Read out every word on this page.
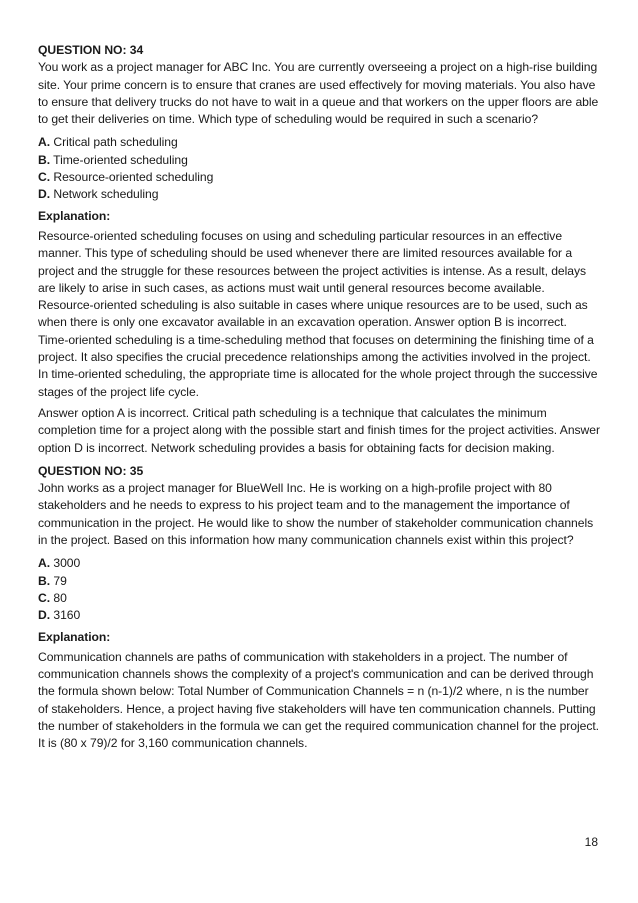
QUESTION NO: 34

You work as a project manager for ABC Inc. You are currently overseeing a project on a high-rise building site. Your prime concern is to ensure that cranes are used effectively for moving materials. You also have to ensure that delivery trucks do not have to wait in a queue and that workers on the upper floors are able to get their deliveries on time. Which type of scheduling would be required in such a scenario?

A. Critical path scheduling

B. Time-oriented scheduling

C. Resource-oriented scheduling

D. Network scheduling

Explanation:

Resource-oriented scheduling focuses on using and scheduling particular resources in an effective manner. This type of scheduling should be used whenever there are limited resources available for a project and the struggle for these resources between the project activities is intense. As a result, delays are likely to arise in such cases, as actions must wait until general resources become available. Resource-oriented scheduling is also suitable in cases where unique resources are to be used, such as when there is only one excavator available in an excavation operation. Answer option B is incorrect. Time-oriented scheduling is a time-scheduling method that focuses on determining the finishing time of a project. It also specifies the crucial precedence relationships among the activities involved in the project. In time-oriented scheduling, the appropriate time is allocated for the whole project through the successive stages of the project life cycle.

Answer option A is incorrect. Critical path scheduling is a technique that calculates the minimum completion time for a project along with the possible start and finish times for the project activities. Answer option D is incorrect. Network scheduling provides a basis for obtaining facts for decision making.

QUESTION NO: 35

John works as a project manager for BlueWell Inc. He is working on a high-profile project with 80 stakeholders and he needs to express to his project team and to the management the importance of communication in the project. He would like to show the number of stakeholder communication channels in the project. Based on this information how many communication channels exist within this project?

A. 3000

B. 79

C. 80

D. 3160

Explanation:

Communication channels are paths of communication with stakeholders in a project. The number of communication channels shows the complexity of a project's communication and can be derived through the formula shown below: Total Number of Communication Channels = n (n-1)/2 where, n is the number of stakeholders. Hence, a project having five stakeholders will have ten communication channels. Putting the number of stakeholders in the formula we can get the required communication channel for the project. It is (80 x 79)/2 for 3,160 communication channels.

18
